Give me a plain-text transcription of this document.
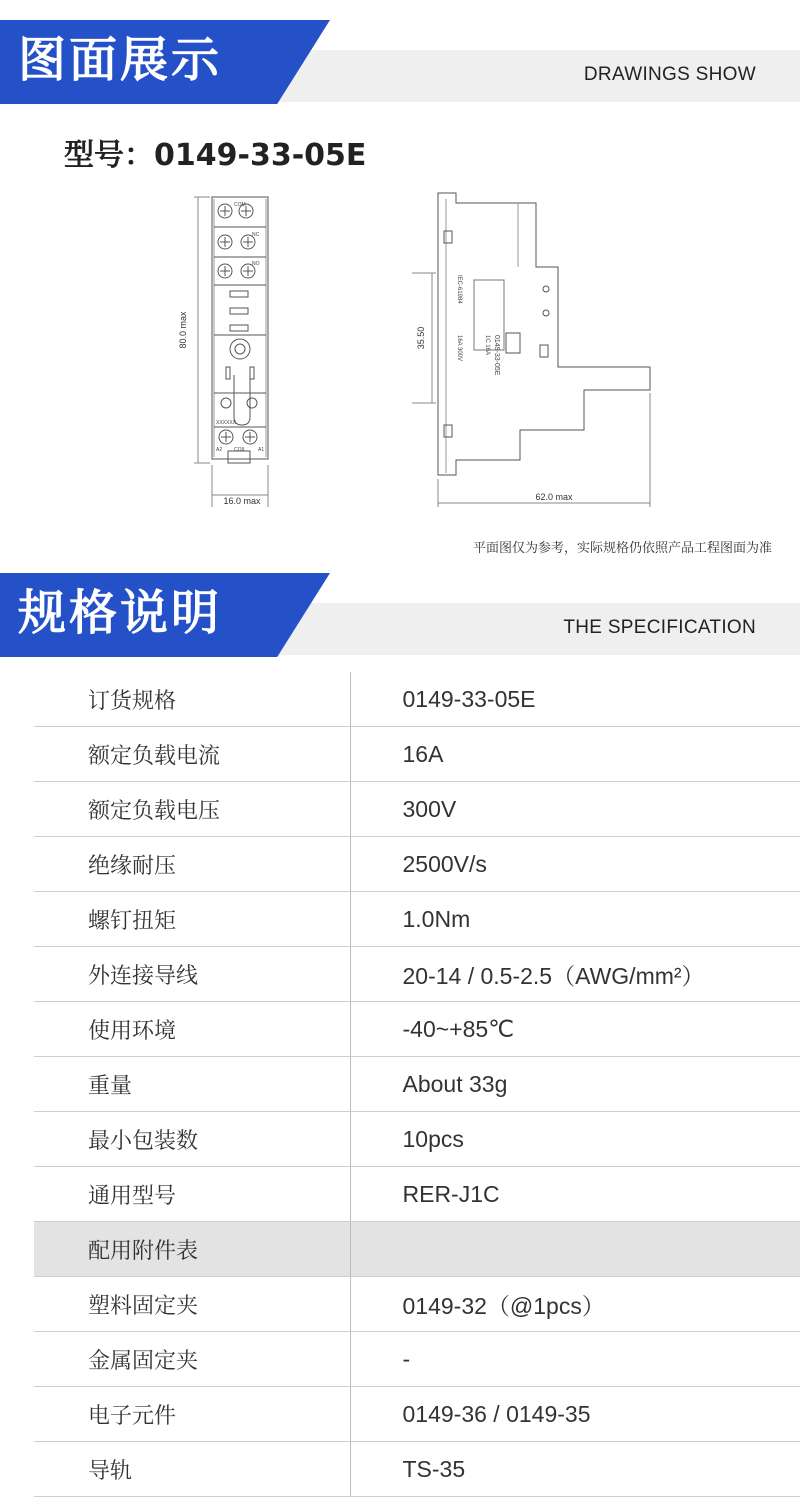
图面展示	DRAWINGS SHOW
型号：0149-33-05E
COM
NC
NO
XXXXXX
A2 COIL A1
80.0 max
16.0 max
35.50
62.0 max
IEC-61984
0149-33-05E
1C 16A
16A 300V
平面图仅为参考，实际规格仍依照产品工程图面为准
规格说明	THE SPECIFICATION
订货规格	0149-33-05E
额定负载电流	16A
额定负载电压	300V
绝缘耐压	2500V/s
螺钉扭矩	1.0Nm
外连接导线	20-14 / 0.5-2.5（AWG/mm²）
使用环境	-40~+85℃
重量	About 33g
最小包装数	10pcs
通用型号	RER-J1C
配用附件表	
塑料固定夹	0149-32（@1pcs）
金属固定夹	-
电子元件	0149-36 / 0149-35
导轨	TS-35
